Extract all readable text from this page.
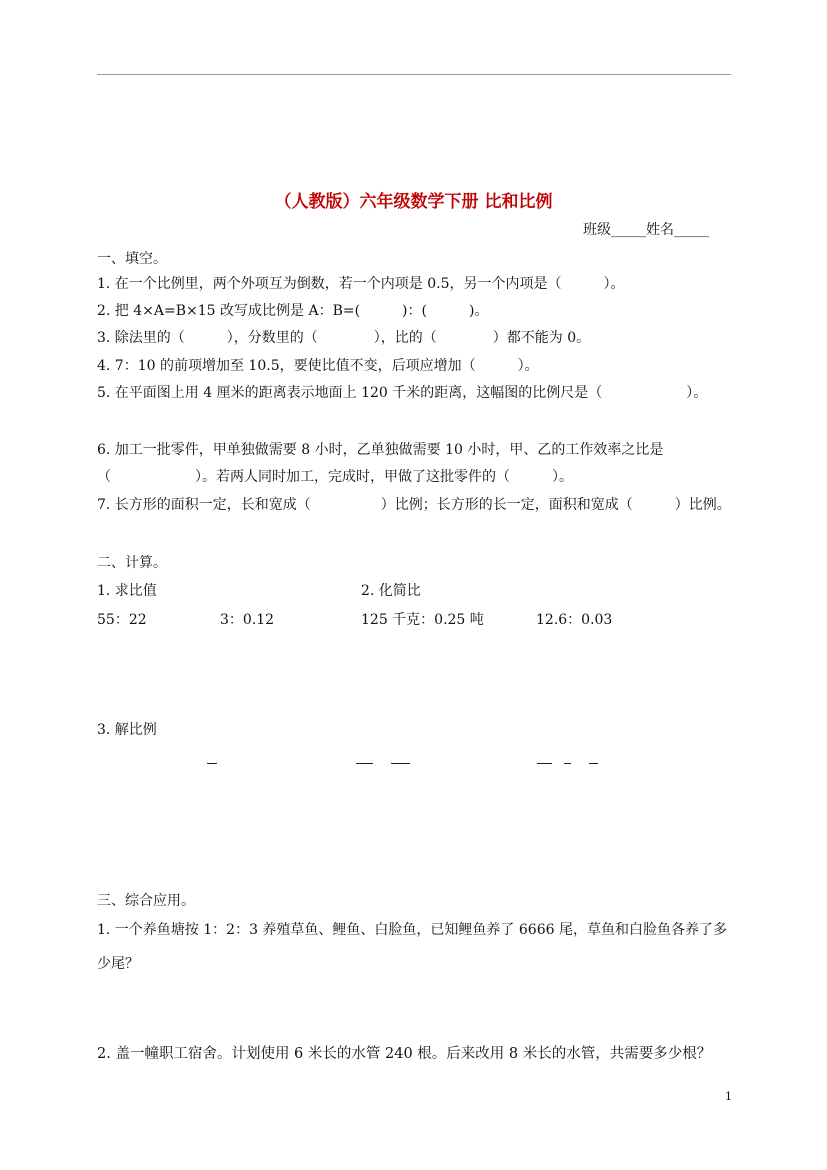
（人教版）六年级数学下册 比和比例
班级_____姓名_____
一、填空。
1. 在一个比例里，两个外项互为倒数，若一个内项是 0.5，另一个内项是（　　　）。
2. 把 4×A=B×15 改写成比例是 A：B=(　　　)：(　　　)。
3. 除法里的（　　　），分数里的（　　　　），比的（　　　　）都不能为 0。
4. 7：10 的前项增加至 10.5，要使比值不变，后项应增加（　　　）。
5. 在平面图上用 4 厘米的距离表示地面上 120 千米的距离，这幅图的比例尺是（　　　　　　）。
6. 加工一批零件，甲单独做需要 8 小时，乙单独做需要 10 小时，甲、乙的工作效率之比是（　　　　　　）。若两人同时加工，完成时，甲做了这批零件的（　　　）。
7. 长方形的面积一定，长和宽成（　　　　　）比例；长方形的长一定，面积和宽成（　　　）比例。
二、计算。
1. 求比值	2. 化简比
55：22	3：0.12	125 千克：0.25 吨	12.6：0.03
3. 解比例
三、综合应用。
1. 一个养鱼塘按 1：2：3 养殖草鱼、鲤鱼、白脸鱼，已知鲤鱼养了 6666 尾，草鱼和白脸鱼各养了多少尾？
2. 盖一幢职工宿舍。计划使用 6 米长的水管 240 根。后来改用 8 米长的水管，共需要多少根？
1
